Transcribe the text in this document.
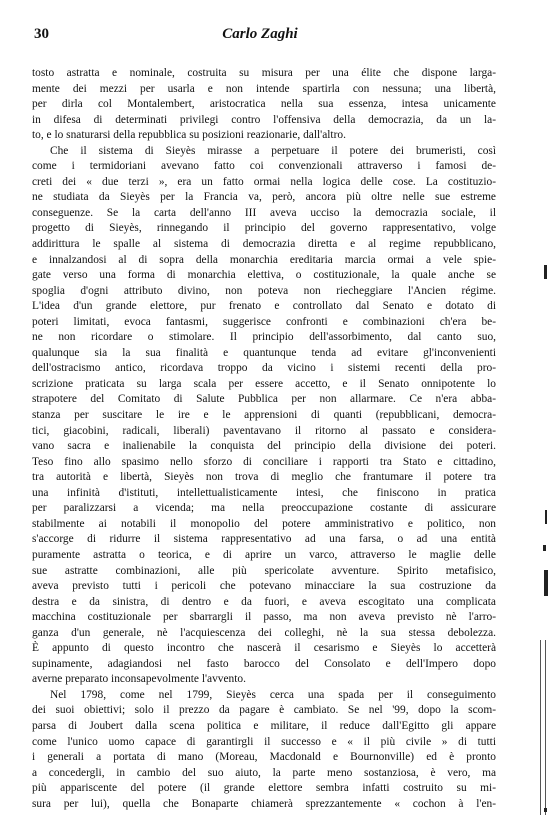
30	Carlo Zaghi
tosto astratta e nominale, costruita su misura per una élite che dispone larga-
mente dei mezzi per usarla e non intende spartirla con nessuna; una libertà,
per dirla col Montalembert, aristocratica nella sua essenza, intesa unicamente
in difesa di determinati privilegi contro l'offensiva della democrazia, da un la-
to, e lo snaturarsi della repubblica su posizioni reazionarie, dall'altro.
Che il sistema di Sieyès mirasse a perpetuare il potere dei brumeristi, così
come i termidoriani avevano fatto coi convenzionali attraverso i famosi de-
creti dei « due terzi », era un fatto ormai nella logica delle cose. La costituzio-
ne studiata da Sieyès per la Francia va, però, ancora più oltre nelle sue estreme
conseguenze. Se la carta dell'anno III aveva ucciso la democrazia sociale, il
progetto di Sieyès, rinnegando il principio del governo rappresentativo, volge
addirittura le spalle al sistema di democrazia diretta e al regime repubblicano,
e innalzandosi al di sopra della monarchia ereditaria marcia ormai a vele spie-
gate verso una forma di monarchia elettiva, o costituzionale, la quale anche se
spoglia d'ogni attributo divino, non poteva non riecheggiare l'Ancien régime.
L'idea d'un grande elettore, pur frenato e controllato dal Senato e dotato di
poteri limitati, evoca fantasmi, suggerisce confronti e combinazioni ch'era be-
ne non ricordare o stimolare. Il principio dell'assorbimento, dal canto suo,
qualunque sia la sua finalità e quantunque tenda ad evitare gl'inconvenienti
dell'ostracismo antico, ricordava troppo da vicino i sistemi recenti della pro-
scrizione praticata su larga scala per essere accetto, e il Senato onnipotente lo
strapotere del Comitato di Salute Pubblica per non allarmare. Ce n'era abba-
stanza per suscitare le ire e le apprensioni di quanti (repubblicani, democra-
tici, giacobini, radicali, liberali) paventavano il ritorno al passato e considera-
vano sacra e inalienabile la conquista del principio della divisione dei poteri.
Teso fino allo spasimo nello sforzo di conciliare i rapporti tra Stato e cittadino,
tra autorità e libertà, Sieyès non trova di meglio che frantumare il potere tra
una infinità d'istituti, intellettualisticamente intesi, che finiscono in pratica
per paralizzarsi a vicenda; ma nella preoccupazione costante di assicurare
stabilmente ai notabili il monopolio del potere amministrativo e politico, non
s'accorge di ridurre il sistema rappresentativo ad una farsa, o ad una entità
puramente astratta o teorica, e di aprire un varco, attraverso le maglie delle
sue astratte combinazioni, alle più spericolate avventure. Spirito metafisico,
aveva previsto tutti i pericoli che potevano minacciare la sua costruzione da
destra e da sinistra, di dentro e da fuori, e aveva escogitato una complicata
macchina costituzionale per sbarrargli il passo, ma non aveva previsto nè l'arro-
ganza d'un generale, nè l'acquiescenza dei colleghi, nè la sua stessa debolezza.
È appunto di questo incontro che nascerà il cesarismo e Sieyès lo accetterà
supinamente, adagiandosi nel fasto barocco del Consolato e dell'Impero dopo
averne preparato inconsapevolmente l'avvento.
Nel 1798, come nel 1799, Sieyès cerca una spada per il conseguimento
dei suoi obiettivi; solo il prezzo da pagare è cambiato. Se nel '99, dopo la scom-
parsa di Joubert dalla scena politica e militare, il reduce dall'Egitto gli appare
come l'unico uomo capace di garantirgli il successo e « il più civile » di tutti
i generali a portata di mano (Moreau, Macdonald e Bournonville) ed è pronto
a concedergli, in cambio del suo aiuto, la parte meno sostanziosa, è vero, ma
più appariscente del potere (il grande elettore sembra infatti costruito su mi-
sura per lui), quella che Bonaparte chiamerà sprezzantemente « cochon à l'en-
